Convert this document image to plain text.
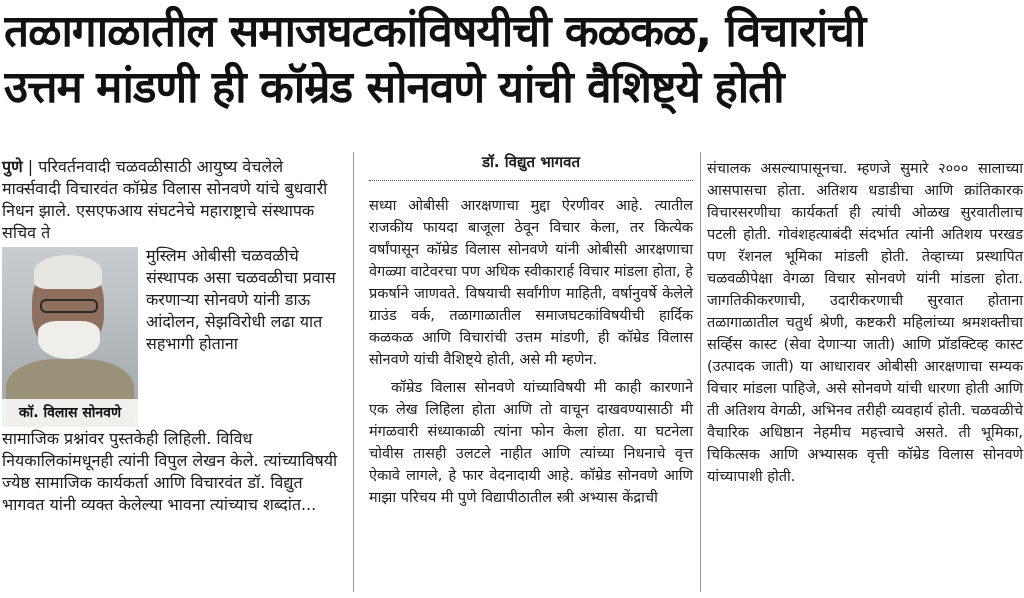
तळागाळातील समाजघटकांविषयीची कळकळ, विचारांची
उत्तम मांडणी ही कॉम्रेड सोनवणे यांची वैशिष्ट्ये होती

पुणे | परिवर्तनवादी चळवळीसाठी आयुष्य वेचलेले मार्क्सवादी विचारवंत कॉम्रेड विलास सोनवणे यांचे बुधवारी निधन झाले. एसएफआय संघटनेचे महाराष्ट्राचे संस्थापक सचिव ते

कॉ. विलास सोनवणे

मुस्लिम ओबीसी चळवळीचे संस्थापक असा चळवळीचा प्रवास करणाऱ्या सोनवणे यांनी डाऊ आंदोलन, सेझविरोधी लढा यात सहभागी होताना

सामाजिक प्रश्नांवर पुस्तकेही लिहिली. विविध नियकालिकांमधूनही त्यांनी विपुल लेखन केले. त्यांच्याविषयी ज्येष्ठ सामाजिक कार्यकर्ता आणि विचारवंत डॉ. विद्युत भागवत यांनी व्यक्त केलेल्या भावना त्यांच्याच शब्दांत...

डॉ. विद्युत भागवत

सध्या ओबीसी आरक्षणाचा मुद्दा ऐरणीवर आहे. त्यातील राजकीय फायदा बाजूला ठेवून विचार केला, तर कित्येक वर्षांपासून कॉम्रेड विलास सोनवणे यांनी ओबीसी आरक्षणाचा वेगळ्या वाटेवरचा पण अधिक स्वीकारार्ह विचार मांडला होता, हे प्रकर्षाने जाणवते. विषयाची सर्वांगीण माहिती, वर्षानुवर्षे केलेले ग्राउंड वर्क, तळागाळातील समाजघटकांविषयीची हार्दिक कळकळ आणि विचारांची उत्तम मांडणी, ही कॉम्रेड विलास सोनवणे यांची वैशिष्ट्ये होती, असे मी म्हणेन.

कॉम्रेड विलास सोनवणे यांच्याविषयी मी काही कारणाने एक लेख लिहिला होता आणि तो वाचून दाखवण्यासाठी मी मंगळवारी संध्याकाळी त्यांना फोन केला होता. या घटनेला चोवीस तासही उलटले नाहीत आणि त्यांच्या निधनाचे वृत्त ऐकावे लागले, हे फार वेदनादायी आहे. कॉम्रेड सोनवणे आणि माझा परिचय मी पुणे विद्यापीठातील स्त्री अभ्यास केंद्राची

संचालक असल्यापासूनचा. म्हणजे सुमारे २००० सालाच्या आसपासचा होता. अतिशय धडाडीचा आणि क्रांतिकारक विचारसरणीचा कार्यकर्ता ही त्यांची ओळख सुरवातीलाच पटली होती. गोवंशहत्याबंदी संदर्भात त्यांनी अतिशय परखड पण रॅशनल भूमिका मांडली होती. तेव्हाच्या प्रस्थापित चळवळीपेक्षा वेगळा विचार सोनवणे यांनी मांडला होता. जागतिकीकरणाची, उदारीकरणाची सुरवात होताना तळागाळातील चतुर्थ श्रेणी, कष्टकरी महिलांच्या श्रमशक्तीचा सर्व्हिस कास्ट (सेवा देणाऱ्या जाती) आणि प्रॉडक्टिव्ह कास्ट (उत्पादक जाती) या आधारावर ओबीसी आरक्षणाचा सम्यक विचार मांडला पाहिजे, असे सोनवणे यांची धारणा होती आणि ती अतिशय वेगळी, अभिनव तरीही व्यवहार्य होती. चळवळीचे वैचारिक अधिष्ठान नेहमीच महत्त्वाचे असते. ती भूमिका, चिकित्सक आणि अभ्यासक वृत्ती कॉम्रेड विलास सोनवणे यांच्यापाशी होती.
